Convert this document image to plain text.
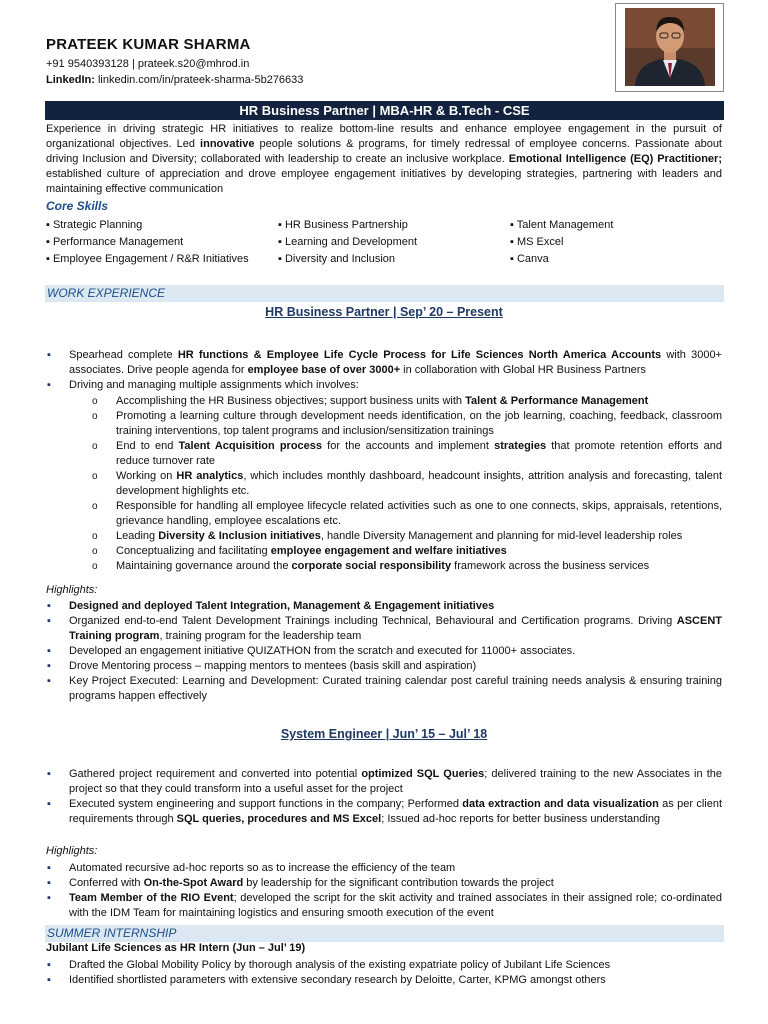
PRATEEK KUMAR SHARMA
+91 9540393128 | prateek.s20@mhrod.in
LinkedIn: linkedin.com/in/prateek-sharma-5b276633
HR Business Partner | MBA-HR & B.Tech - CSE
Experience in driving strategic HR initiatives to realize bottom-line results and enhance employee engagement in the pursuit of organizational objectives. Led innovative people solutions & programs, for timely redressal of employee concerns. Passionate about driving Inclusion and Diversity; collaborated with leadership to create an inclusive workplace. Emotional Intelligence (EQ) Practitioner; established culture of appreciation and drove employee engagement initiatives by developing strategies, partnering with leaders and maintaining effective communication
Core Skills
▪ Strategic Planning	▪ HR Business Partnership	▪ Talent Management
▪ Performance Management	▪ Learning and Development	▪ MS Excel
▪ Employee Engagement / R&R Initiatives	▪ Diversity and Inclusion	▪ Canva
WORK EXPERIENCE
HR Business Partner | Sep’ 20 – Present
▪ Spearhead complete HR functions & Employee Life Cycle Process for Life Sciences North America Accounts with 3000+ associates. Drive people agenda for employee base of over 3000+ in collaboration with Global HR Business Partners
▪ Driving and managing multiple assignments which involves:
o Accomplishing the HR Business objectives; support business units with Talent & Performance Management
o Promoting a learning culture through development needs identification, on the job learning, coaching, feedback, classroom training interventions, top talent programs and inclusion/sensitization trainings
o End to end Talent Acquisition process for the accounts and implement strategies that promote retention efforts and reduce turnover rate
o Working on HR analytics, which includes monthly dashboard, headcount insights, attrition analysis and forecasting, talent development highlights etc.
o Responsible for handling all employee lifecycle related activities such as one to one connects, skips, appraisals, retentions, grievance handling, employee escalations etc.
o Leading Diversity & Inclusion initiatives, handle Diversity Management and planning for mid-level leadership roles
o Conceptualizing and facilitating employee engagement and welfare initiatives
o Maintaining governance around the corporate social responsibility framework across the business services
Highlights:
▪ Designed and deployed Talent Integration, Management & Engagement initiatives
▪ Organized end-to-end Talent Development Trainings including Technical, Behavioural and Certification programs. Driving ASCENT Training program, training program for the leadership team
▪ Developed an engagement initiative QUIZATHON from the scratch and executed for 11000+ associates.
▪ Drove Mentoring process – mapping mentors to mentees (basis skill and aspiration)
▪ Key Project Executed: Learning and Development: Curated training calendar post careful training needs analysis & ensuring training programs happen effectively
System Engineer | Jun’ 15 – Jul’ 18
▪ Gathered project requirement and converted into potential optimized SQL Queries; delivered training to the new Associates in the project so that they could transform into a useful asset for the project
▪ Executed system engineering and support functions in the company; Performed data extraction and data visualization as per client requirements through SQL queries, procedures and MS Excel; Issued ad-hoc reports for better business understanding
Highlights:
▪ Automated recursive ad-hoc reports so as to increase the efficiency of the team
▪ Conferred with On-the-Spot Award by leadership for the significant contribution towards the project
▪ Team Member of the RIO Event; developed the script for the skit activity and trained associates in their assigned role; co-ordinated with the IDM Team for maintaining logistics and ensuring smooth execution of the event
SUMMER INTERNSHIP
Jubilant Life Sciences as HR Intern (Jun – Jul’ 19)
▪ Drafted the Global Mobility Policy by thorough analysis of the existing expatriate policy of Jubilant Life Sciences
▪ Identified shortlisted parameters with extensive secondary research by Deloitte, Carter, KPMG amongst others
